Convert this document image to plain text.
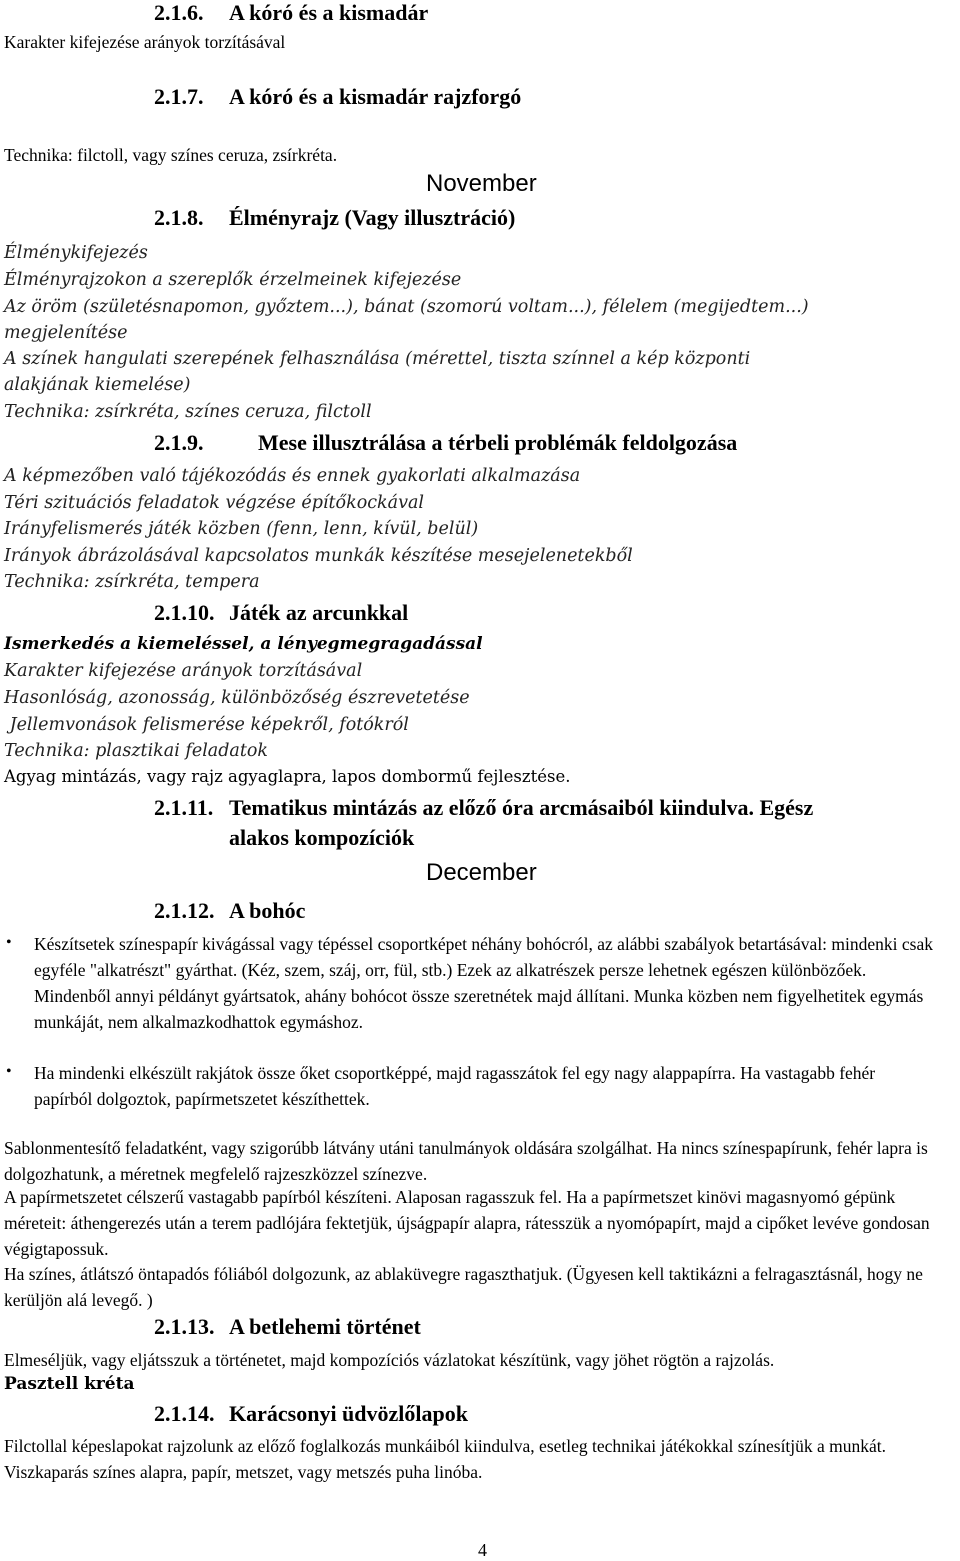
2.1.6. A kóró és a kismadár
Karakter kifejezése arányok torzításával
2.1.7. A kóró és a kismadár rajzforgó
Technika: filctoll, vagy színes ceruza, zsírkréta.
November
2.1.8. Élményrajz (Vagy illusztráció)
Élménykifejezés
Élményrajzokon a szereplők érzelmeinek kifejezése
Az öröm (születésnapomon, győztem...), bánat (szomorú voltam...), félelem (megijedtem...)
megjelenítése
A színek hangulati szerepének felhasználása (mérettel, tiszta színnel a kép központi
alakjának kiemelése)
Technika: zsírkréta, színes ceruza, filctoll
2.1.9. Mese illusztrálása a térbeli problémák feldolgozása
A képmezőben való tájékozódás és ennek gyakorlati alkalmazása
Téri szituációs feladatok végzése építőkockával
Irányfelismerés játék közben (fenn, lenn, kívül, belül)
Irányok ábrázolásával kapcsolatos munkák készítése mesejelenetekből
Technika: zsírkréta, tempera
2.1.10. Játék az arcunkkal
Ismerkedés a kiemeléssel, a lényegmegragadással
Karakter kifejezése arányok torzításával
Hasonlóság, azonosság, különbözőség észrevetetése
Jellemvonások felismerése képekről, fotókról
Technika: plasztikai feladatok
Agyag mintázás, vagy rajz agyaglapra, lapos dombormű fejlesztése.
2.1.11. Tematikus mintázás az előző óra arcmásaiból kiindulva. Egész
alakos kompozíciók
December
2.1.12. A bohóc
• Készítsetek színespapír kivágással vagy tépéssel csoportképet néhány bohócról, az alábbi szabályok betartásával: mindenki csak egyféle "alkatrészt" gyárthat. (Kéz, szem, száj, orr, fül, stb.) Ezek az alkatrészek persze lehetnek egészen különbözőek. Mindenből annyi példányt gyártsatok, ahány bohócot össze szeretnétek majd állítani. Munka közben nem figyelhetitek egymás munkáját, nem alkalmazkodhattok egymáshoz.

• Ha mindenki elkészült rakjátok össze őket csoportképpé, majd ragasszátok fel egy nagy alappapírra. Ha vastagabb fehér papírból dolgoztok, papírmetszetet készíthettek.

Sablonmentesítő feladatként, vagy szigorúbb látvány utáni tanulmányok oldására szolgálhat. Ha nincs színespapírunk, fehér lapra is dolgozhatunk, a méretnek megfelelő rajzeszközzel színezve.

A papírmetszetet célszerű vastagabb papírból készíteni. Alaposan ragasszuk fel. Ha a papírmetszet kinövi magasnyomó gépünk méreteit: áthengerezés után a terem padlójára fektetjük, újságpapír alapra, rátesszük a nyomópapírt, majd a cipőket levéve gondosan végigtapossuk.

Ha színes, átlátszó öntapadós fóliából dolgozunk, az ablaküvegre ragaszthatjuk. (Ügyesen kell taktikázni a felragasztásnál, hogy ne kerüljön alá levegő. )

2.1.13. A betlehemi történet
Elmeséljük, vagy eljátsszuk a történetet, majd kompozíciós vázlatokat készítünk, vagy jöhet rögtön a rajzolás.
Pasztell kréta
2.1.14. Karácsonyi üdvözlőlapok

Filctollal képeslapokat rajzolunk az előző foglalkozás munkáiból kiindulva, esetleg technikai játékokkal színesítjük a munkát. Viszkaparás színes alapra, papír, metszet, vagy metszés puha linóba.

4
